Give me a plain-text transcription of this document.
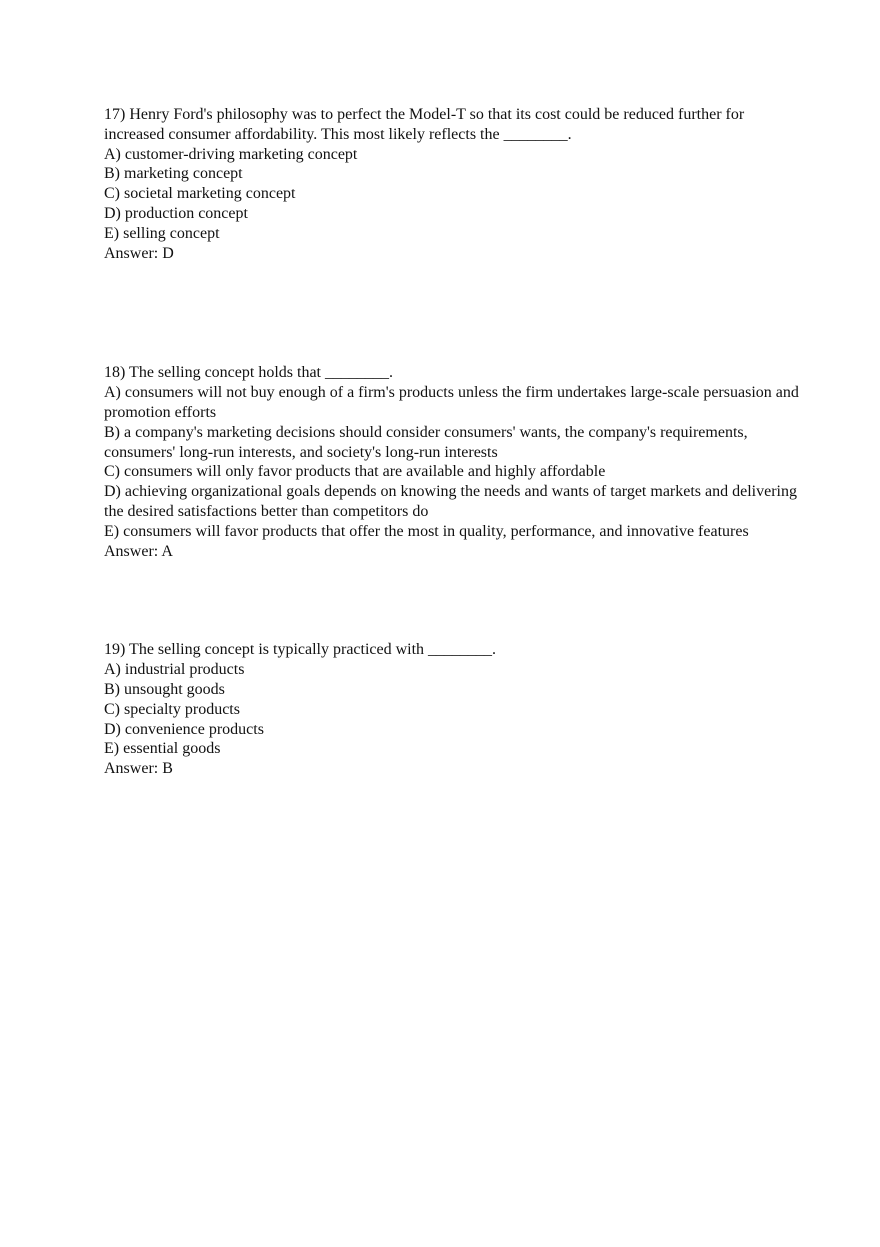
17) Henry Ford's philosophy was to perfect the Model-T so that its cost could be reduced further for increased consumer affordability. This most likely reflects the ________.
A) customer-driving marketing concept
B) marketing concept
C) societal marketing concept
D) production concept
E) selling concept
Answer: D
18) The selling concept holds that ________.
A) consumers will not buy enough of a firm's products unless the firm undertakes large-scale persuasion and promotion efforts
B) a company's marketing decisions should consider consumers' wants, the company's requirements, consumers' long-run interests, and society's long-run interests
C) consumers will only favor products that are available and highly affordable
D) achieving organizational goals depends on knowing the needs and wants of target markets and delivering the desired satisfactions better than competitors do
E) consumers will favor products that offer the most in quality, performance, and innovative features
Answer: A
19) The selling concept is typically practiced with ________.
A) industrial products
B) unsought goods
C) specialty products
D) convenience products
E) essential goods
Answer: B
